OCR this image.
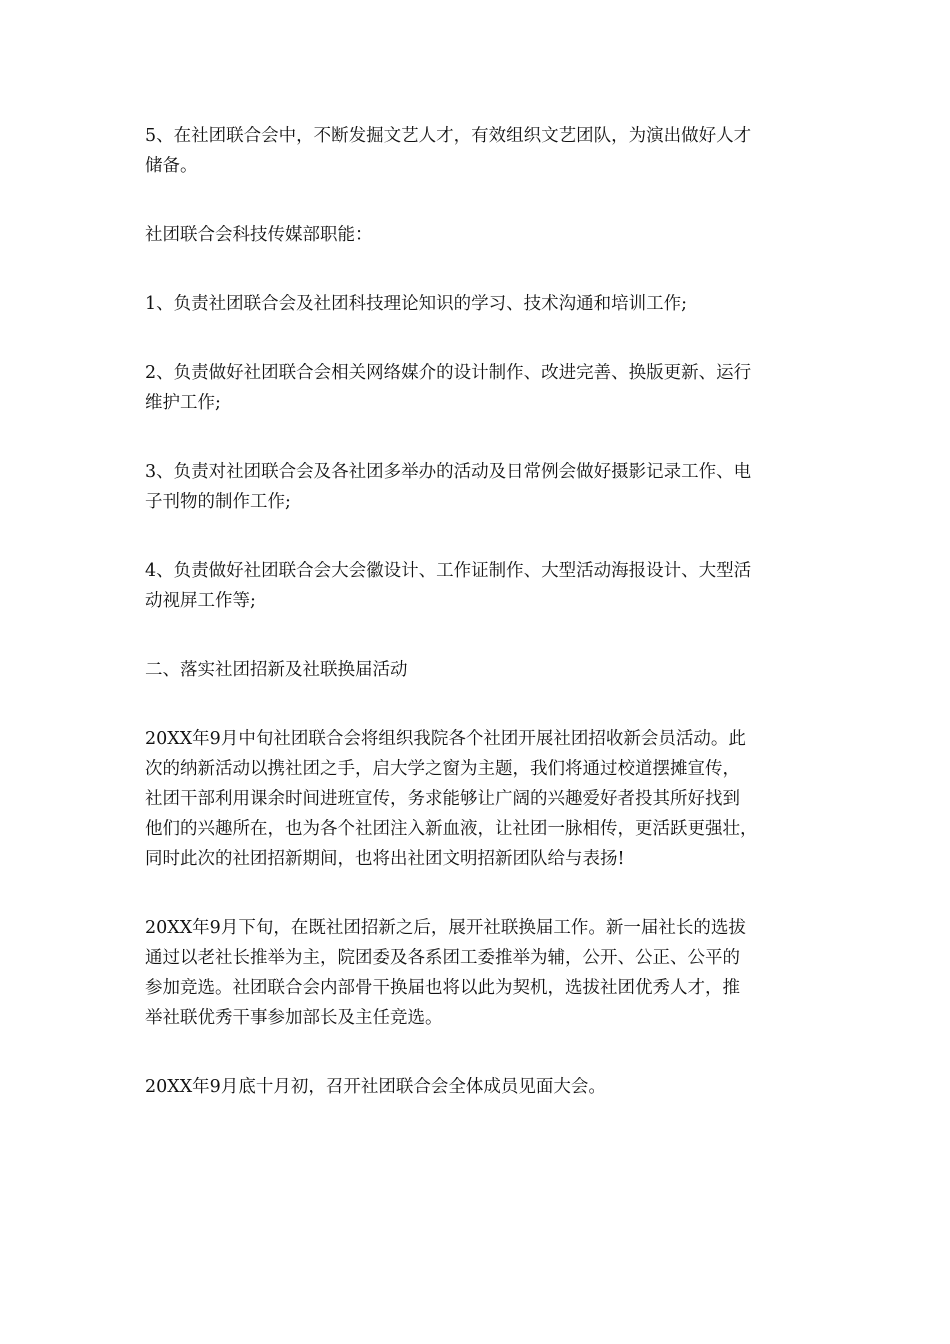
5、在社团联合会中，不断发掘文艺人才，有效组织文艺团队，为演出做好人才
储备。

社团联合会科技传媒部职能：

1、负责社团联合会及社团科技理论知识的学习、技术沟通和培训工作;

2、负责做好社团联合会相关网络媒介的设计制作、改进完善、换版更新、运行
维护工作;

3、负责对社团联合会及各社团多举办的活动及日常例会做好摄影记录工作、电
子刊物的制作工作;

4、负责做好社团联合会大会徽设计、工作证制作、大型活动海报设计、大型活
动视屏工作等;

二、落实社团招新及社联换届活动

20XX年9月中旬社团联合会将组织我院各个社团开展社团招收新会员活动。此
次的纳新活动以携社团之手，启大学之窗为主题，我们将通过校道摆摊宣传，
社团干部利用课余时间进班宣传，务求能够让广阔的兴趣爱好者投其所好找到
他们的兴趣所在，也为各个社团注入新血液，让社团一脉相传，更活跃更强壮，
同时此次的社团招新期间，也将出社团文明招新团队给与表扬!

20XX年9月下旬，在既社团招新之后，展开社联换届工作。新一届社长的选拔
通过以老社长推举为主，院团委及各系团工委推举为辅，公开、公正、公平的
参加竞选。社团联合会内部骨干换届也将以此为契机，选拔社团优秀人才，推
举社联优秀干事参加部长及主任竞选。

20XX年9月底十月初，召开社团联合会全体成员见面大会。
